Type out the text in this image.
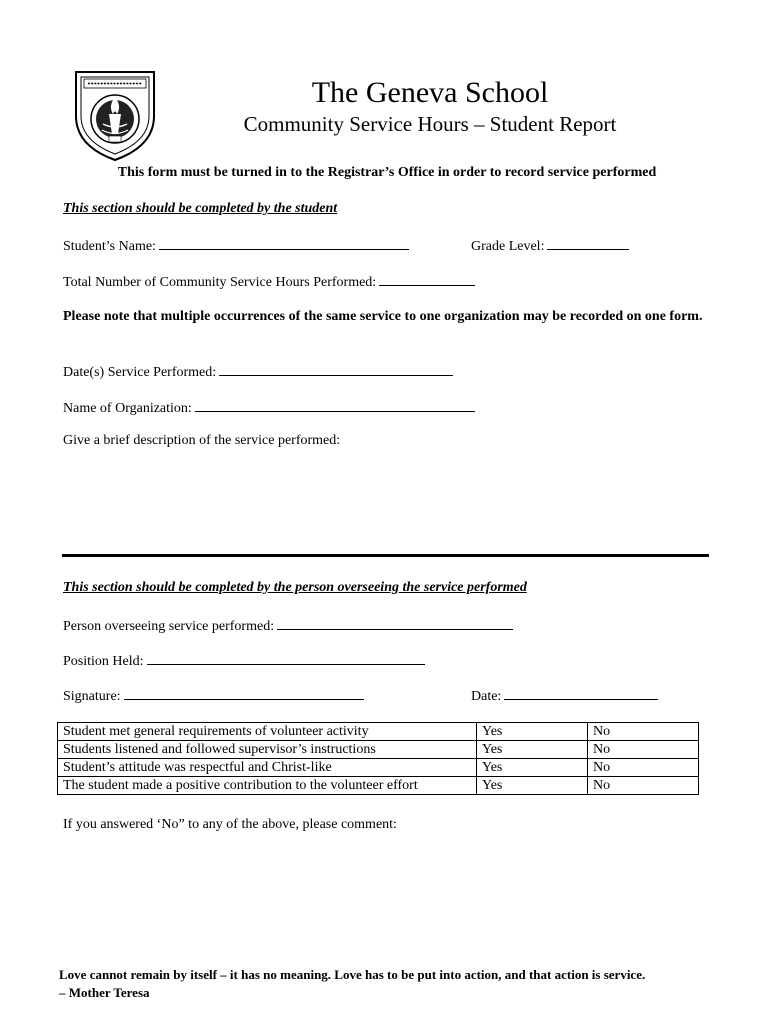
The Geneva School
Community Service Hours – Student Report
This form must be turned in to the Registrar’s Office in order to record service performed
This section should be completed by the student
Student’s Name:	Grade Level:
Total Number of Community Service Hours Performed:
Please note that multiple occurrences of the same service to one organization may be recorded on one form.
Date(s) Service Performed:
Name of Organization:
Give a brief description of the service performed:
This section should be completed by the person overseeing the service performed
Person overseeing service performed:
Position Held:
Signature:	Date:
Student met general requirements of volunteer activity	Yes	No
Students listened and followed supervisor’s instructions	Yes	No
Student’s attitude was respectful and Christ-like	Yes	No
The student made a positive contribution to the volunteer effort	Yes	No
If you answered ‘No” to any of the above, please comment:
Love cannot remain by itself – it has no meaning. Love has to be put into action, and that action is service.
– Mother Teresa
